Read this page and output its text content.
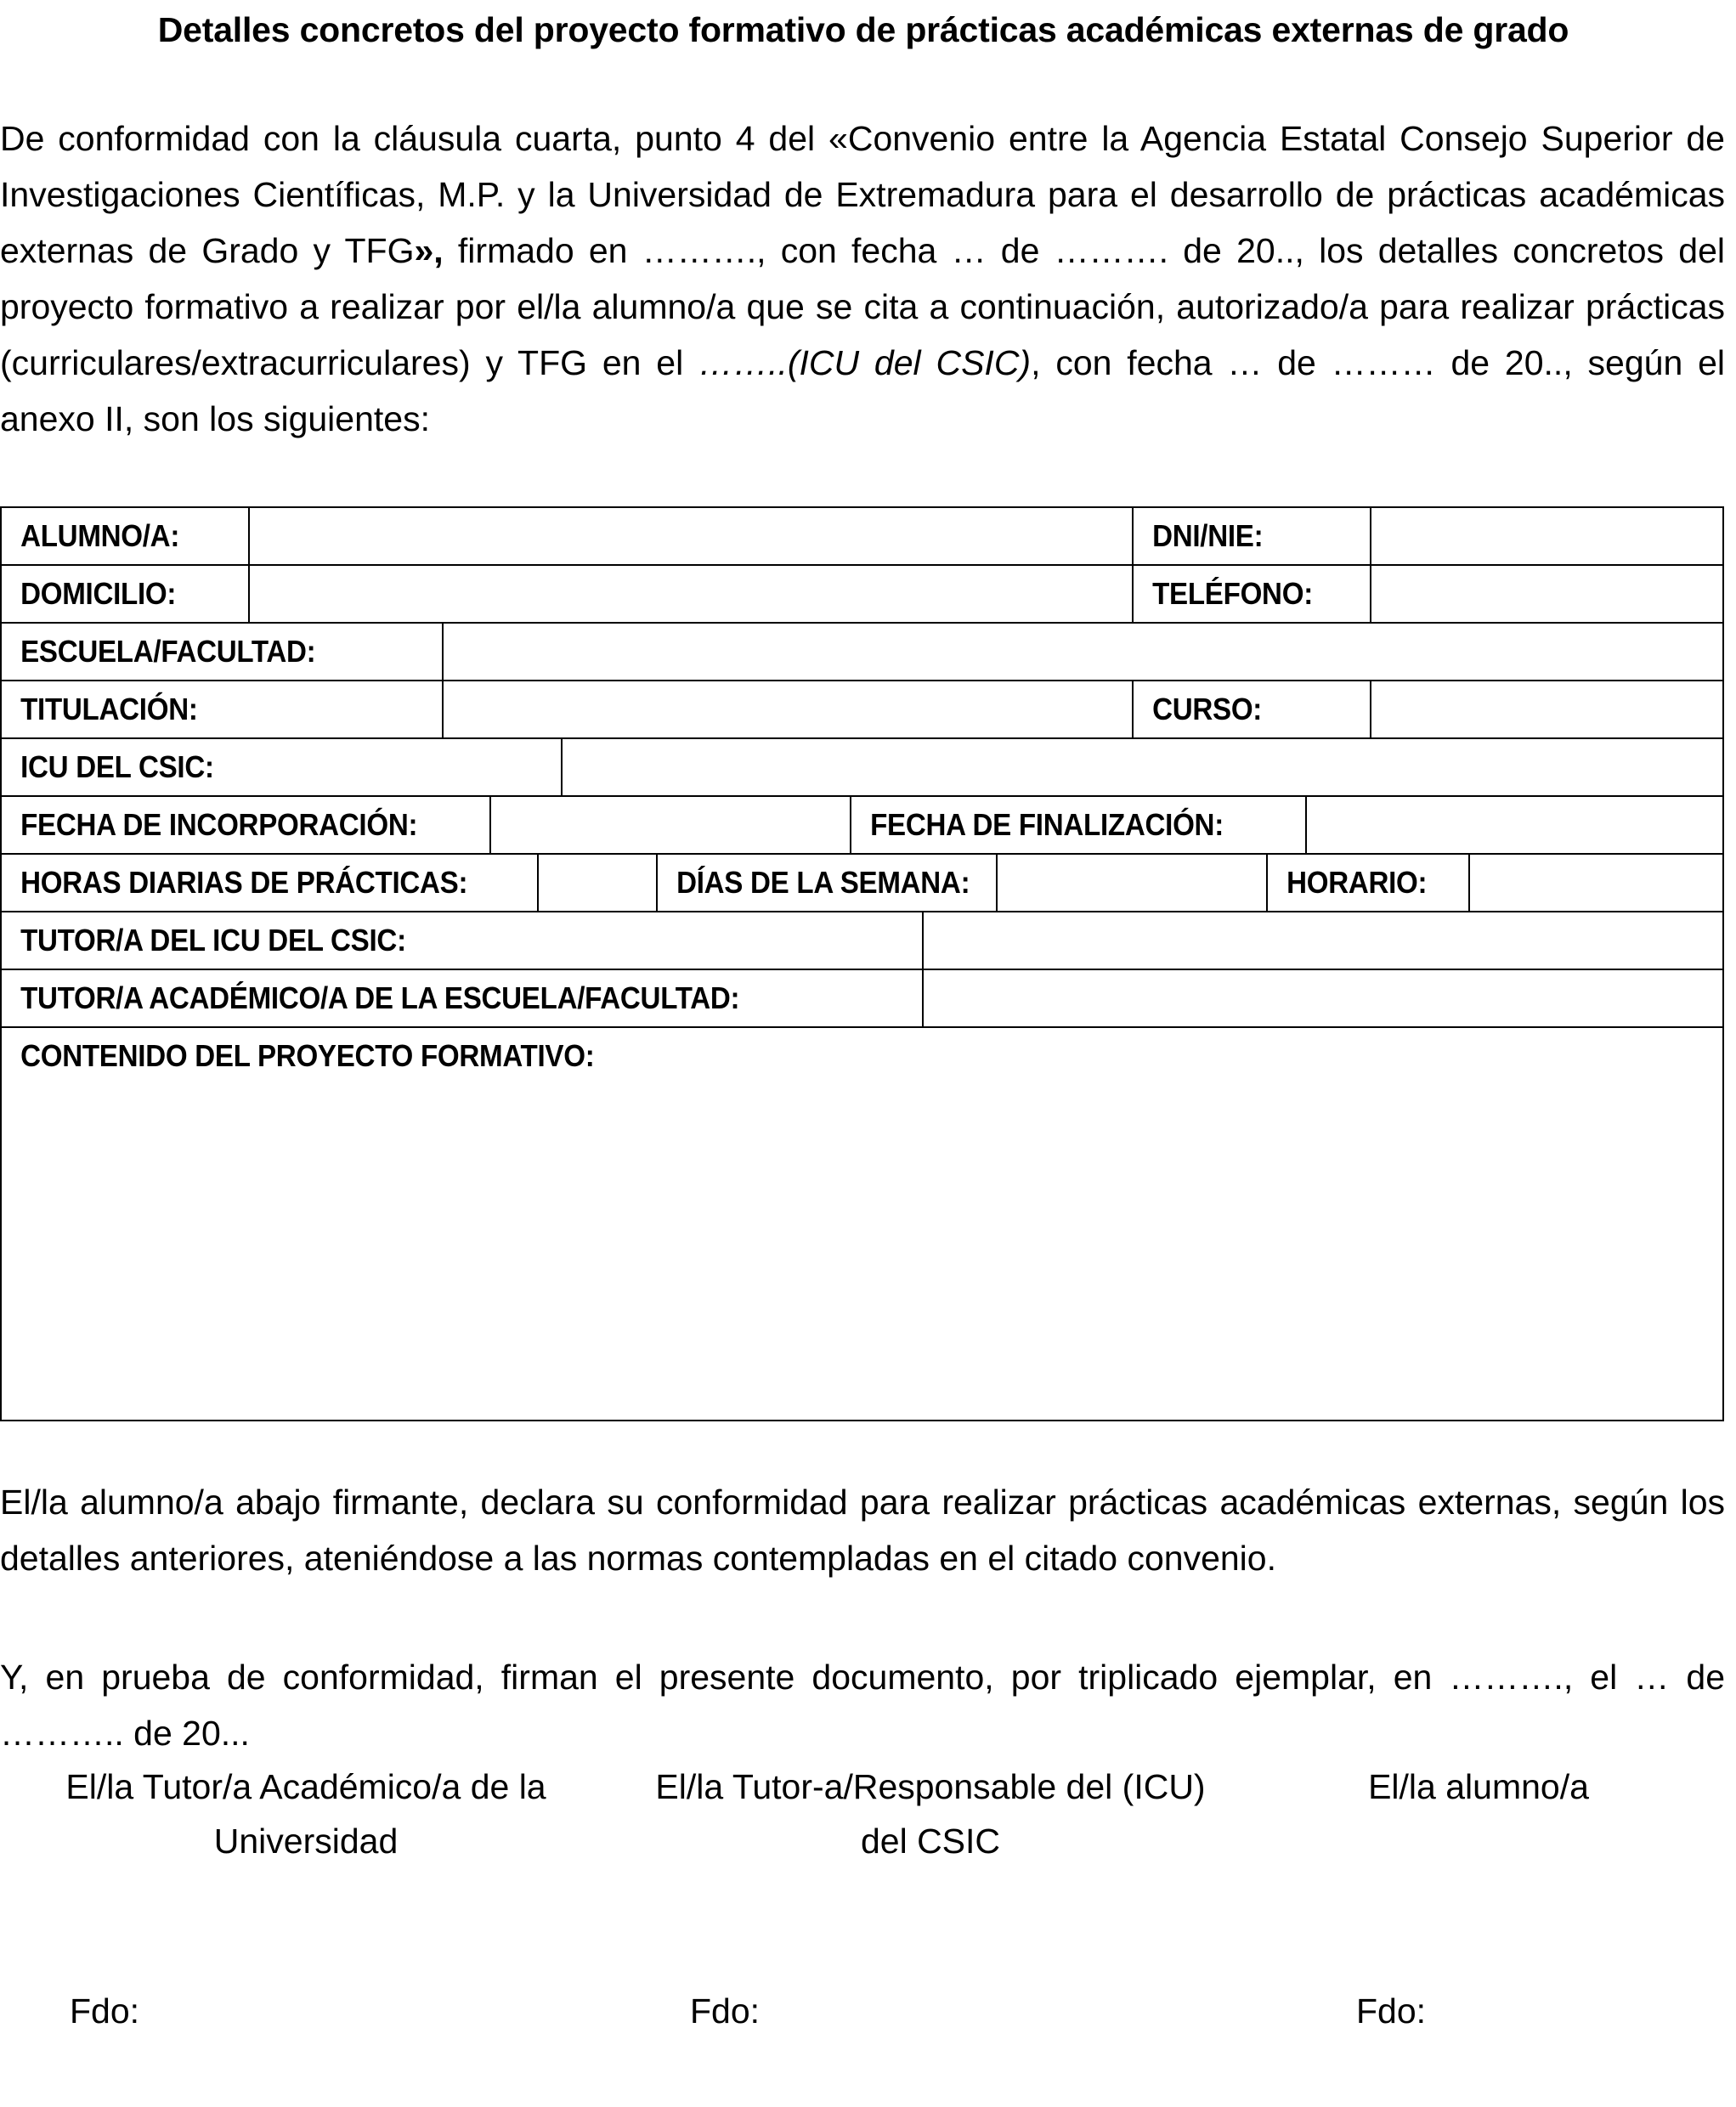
Detalles concretos del proyecto formativo de prácticas académicas externas de grado
De conformidad con la cláusula cuarta, punto 4 del «Convenio entre la Agencia Estatal Consejo Superior de Investigaciones Científicas, M.P. y la Universidad de Extremadura para el desarrollo de prácticas académicas externas de Grado y TFG», firmado en ………., con fecha … de ………. de 20.., los detalles concretos del proyecto formativo a realizar por el/la alumno/a que se cita a continuación, autorizado/a para realizar prácticas (curriculares/extracurriculares) y TFG en el ……..(ICU del CSIC), con fecha … de ……… de 20.., según el anexo II, son los siguientes:
ALUMNO/A:	DNI/NIE:
DOMICILIO:	TELÉFONO:
ESCUELA/FACULTAD:
TITULACIÓN:	CURSO:
ICU DEL CSIC:
FECHA DE INCORPORACIÓN:	FECHA DE FINALIZACIÓN:
HORAS DIARIAS DE PRÁCTICAS:	DÍAS DE LA SEMANA:	HORARIO:
TUTOR/A DEL ICU DEL CSIC:
TUTOR/A ACADÉMICO/A DE LA ESCUELA/FACULTAD:
CONTENIDO DEL PROYECTO FORMATIVO:
El/la alumno/a abajo firmante, declara su conformidad para realizar prácticas académicas externas, según los detalles anteriores, ateniéndose a las normas contempladas en el citado convenio.
Y, en prueba de conformidad, firman el presente documento, por triplicado ejemplar, en ………., el … de ……….. de 20...
El/la Tutor/a Académico/a de la
Universidad
El/la Tutor-a/Responsable del (ICU)
del CSIC
El/la alumno/a
Fdo:	Fdo:	Fdo:
